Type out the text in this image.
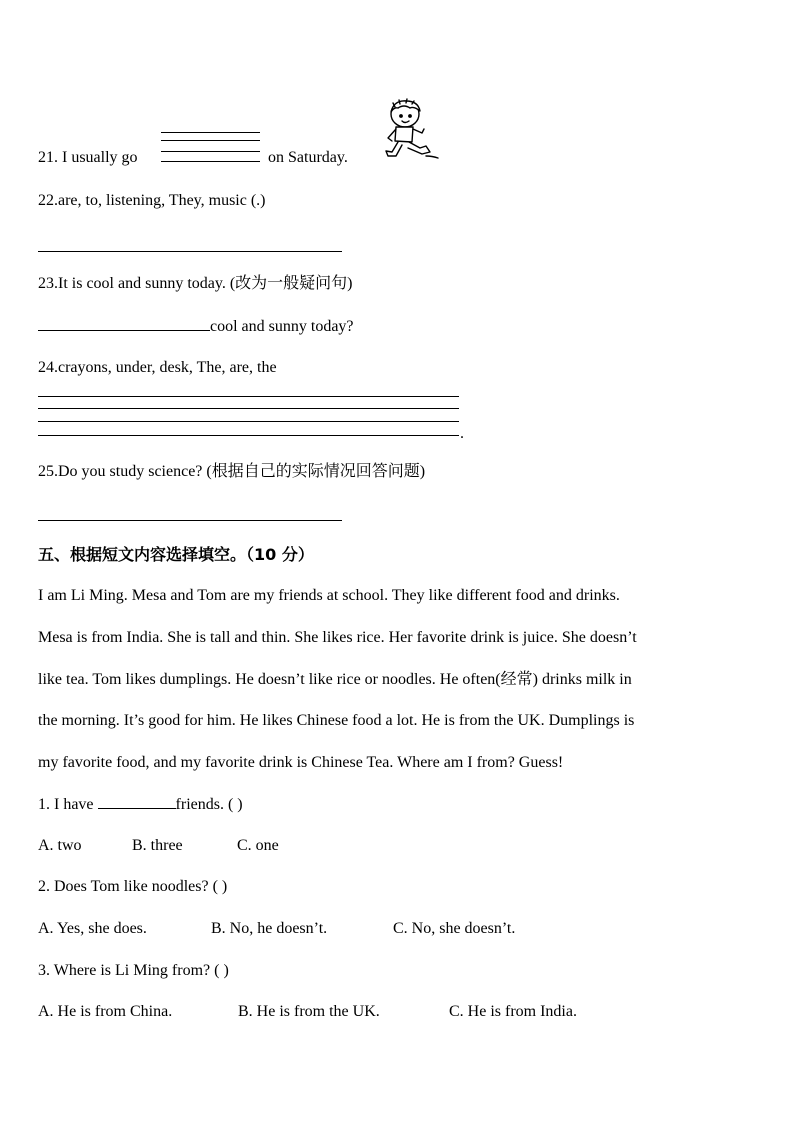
21. I usually go	on Saturday.
22.are, to, listening, They, music (.)
23.It is cool and sunny today. (改为一般疑问句)
cool and sunny today?
24.crayons, under, desk, The, are, the
.
25.Do you study science? (根据自己的实际情况回答问题)
五、根据短文内容选择填空。（10 分）
I am Li Ming. Mesa and Tom are my friends at school. They like different food and drinks.
Mesa is from India. She is tall and thin. She likes rice. Her favorite drink is juice. She doesn’t
like tea. Tom likes dumplings. He doesn’t like rice or noodles. He often(经常) drinks milk in
the morning. It’s good for him. He likes Chinese food a lot. He is from the UK. Dumplings is
my favorite food, and my favorite drink is Chinese Tea. Where am I from? Guess!
1. I have	friends. ( )
A. two	B. three	C. one
2. Does Tom like noodles? ( )
A. Yes, she does.	B. No, he doesn’t.	C. No, she doesn’t.
3. Where is Li Ming from? ( )
A. He is from China.	B. He is from the UK.	C. He is from India.
